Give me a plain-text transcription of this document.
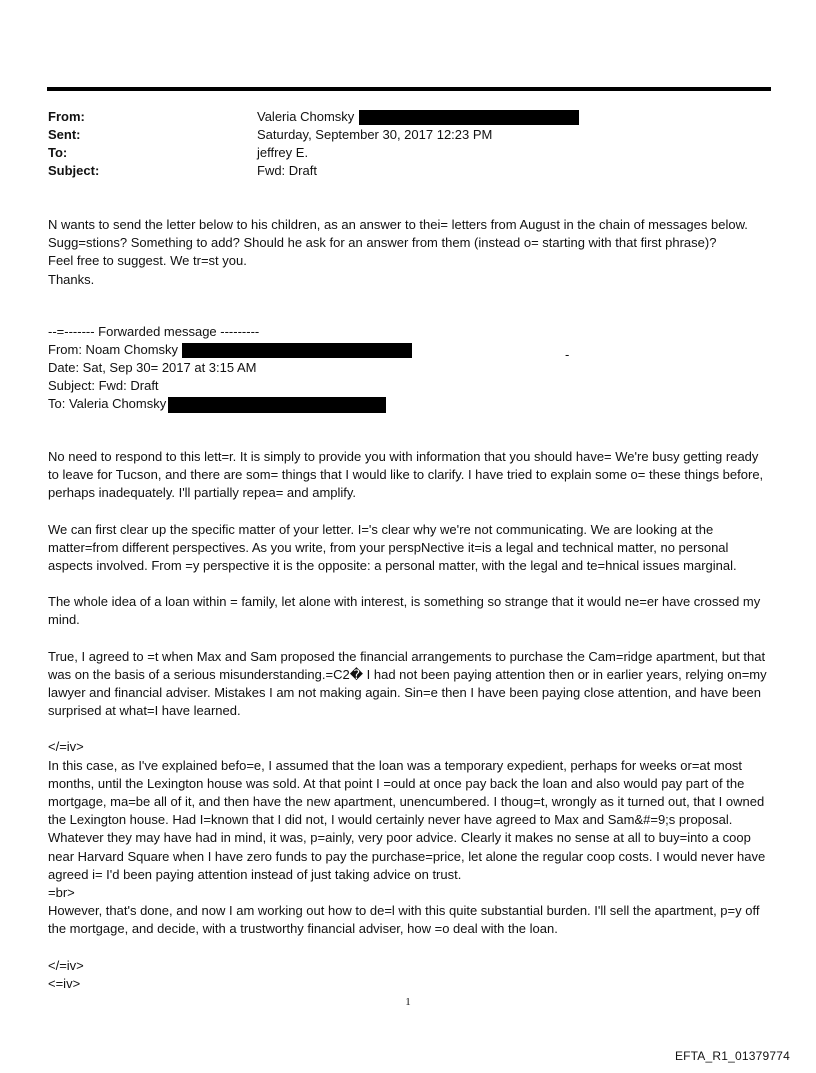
From:	Valeria Chomsky
Sent:	Saturday, September 30, 2017 12:23 PM
To:	jeffrey E.
Subject:	Fwd: Draft

N wants to send the letter below to his children, as an answer to thei= letters from August in the chain of messages below.

Sugg=stions? Something to add? Should he ask for an answer from them (instead o= starting with that first phrase)?

Feel free to suggest. We tr=st you.

Thanks.

--=------- Forwarded message ---------
From: Noam Chomsky
Date: Sat, Sep 30= 2017 at 3:15 AM
Subject: Fwd: Draft
To: Valeria Chomsky
-

No need to respond to this lett=r. It is simply to provide you with information that you should have= We're busy getting ready to leave for Tucson, and there are som= things that I would like to clarify. I have tried to explain some o= these things before, perhaps inadequately. I'll partially repea= and amplify.

We can first clear up the specific matter of your letter. I='s clear why we're not communicating. We are looking at the matter=from different perspectives. As you write, from your perspNective it=is a legal and technical matter, no personal aspects involved. From =y perspective it is the opposite: a personal matter, with the legal and te=hnical issues marginal.

The whole idea of a loan within = family, let alone with interest, is something so strange that it would ne=er have crossed my mind.

True, I agreed to =t when Max and Sam proposed the financial arrangements to purchase the Cam=ridge apartment, but that was on the basis of a serious misunderstanding.=C2� I had not been paying attention then or in earlier years, relying on=my lawyer and financial adviser. Mistakes I am not making again. Sin=e then I have been paying close attention, and have been surprised at what=I have learned.

</=iv>

In this case, as I've explained befo=e, I assumed that the loan was a temporary expedient, perhaps for weeks or=at most months, until the Lexington house was sold. At that point I =ould at once pay back the loan and also would pay part of the mortgage, ma=be all of it, and then have the new apartment, unencumbered. I thoug=t, wrongly as it turned out, that I owned the Lexington house. Had I=known that I did not, I would certainly never have agreed to Max and Sam&#=9;s proposal. Whatever they may have had in mind, it was, p=ainly, very poor advice. Clearly it makes no sense at all to buy=into a coop near Harvard Square when I have zero funds to pay the purchase=price, let alone the regular coop costs. I would never have agreed i= I'd been paying attention instead of just taking advice on trust.

=br>

However, that's done, and now I am working out how to de=l with this quite substantial burden. I'll sell the apartment, p=y off the mortgage, and decide, with a trustworthy financial adviser, how =o deal with the loan.

</=iv>

<=iv>

1
EFTA_R1_01379774
